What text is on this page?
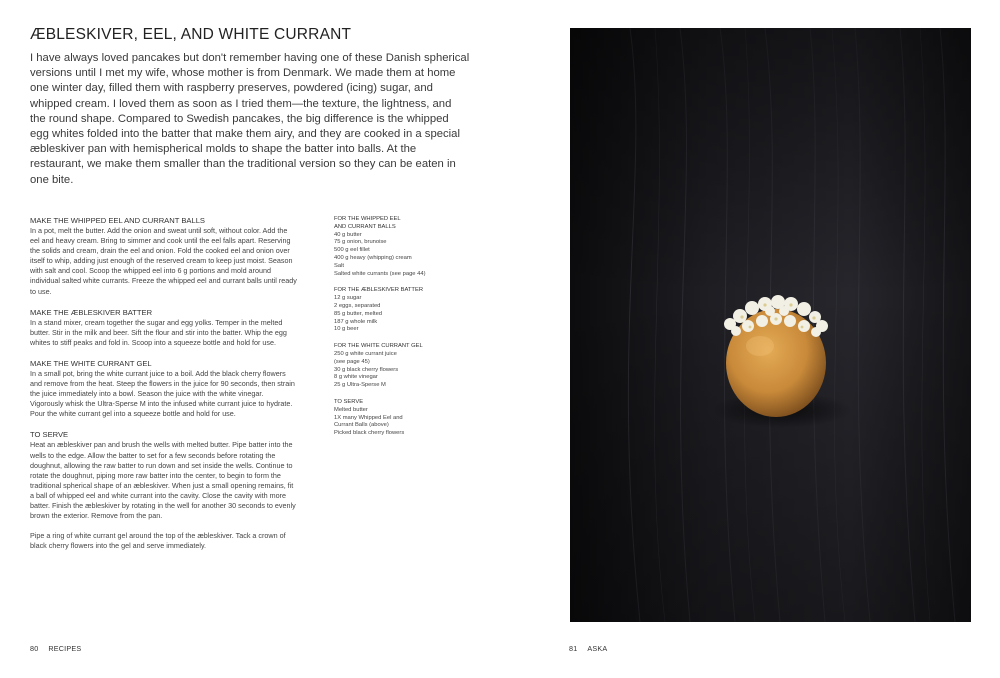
ÆBLESKIVER, EEL, AND WHITE CURRANT

I have always loved pancakes but don't remember having one of these Danish spherical versions until I met my wife, whose mother is from Denmark. We made them at home one winter day, filled them with raspberry preserves, powdered (icing) sugar, and whipped cream. I loved them as soon as I tried them—the texture, the lightness, and the round shape. Compared to Swedish pancakes, the big difference is the whipped egg whites folded into the batter that make them airy, and they are cooked in a special æbleskiver pan with hemispherical molds to shape the batter into balls. At the restaurant, we make them smaller than the traditional version so they can be eaten in one bite.

MAKE THE WHIPPED EEL AND CURRANT BALLS

In a pot, melt the butter. Add the onion and sweat until soft, without color. Add the eel and heavy cream. Bring to simmer and cook until the eel falls apart. Reserving the solids and cream, drain the eel and onion. Fold the cooked eel and onion over itself to whip, adding just enough of the reserved cream to keep just moist. Season with salt and cool. Scoop the whipped eel into 6 g portions and mold around individual salted white currants. Freeze the whipped eel and currant balls until ready to use.

MAKE THE ÆBLESKIVER BATTER

In a stand mixer, cream together the sugar and egg yolks. Temper in the melted butter. Stir in the milk and beer. Sift the flour and stir into the batter. Whip the egg whites to stiff peaks and fold in. Scoop into a squeeze bottle and hold for use.

MAKE THE WHITE CURRANT GEL

In a small pot, bring the white currant juice to a boil. Add the black cherry flowers and remove from the heat. Steep the flowers in the juice for 90 seconds, then strain the juice immediately into a bowl. Season the juice with the white vinegar. Vigorously whisk the Ultra-Sperse M into the infused white currant juice to hydrate. Pour the white currant gel into a squeeze bottle and hold for use.

TO SERVE

Heat an æbleskiver pan and brush the wells with melted butter. Pipe batter into the wells to the edge. Allow the batter to set for a few seconds before rotating the doughnut, allowing the raw batter to run down and set inside the wells. Continue to rotate the doughnut, piping more raw batter into the center, to begin to form the traditional spherical shape of an æbleskiver. When just a small opening remains, fit a ball of whipped eel and white currant into the cavity. Close the cavity with more batter. Finish the æbleskiver by rotating in the well for another 30 seconds to evenly brown the exterior. Remove from the pan.

Pipe a ring of white currant gel around the top of the æbleskiver. Tack a crown of black cherry flowers into the gel and serve immediately.

FOR THE WHIPPED EEL
AND CURRANT BALLS
40 g butter
75 g onion, brunoise
500 g eel fillet
400 g heavy (whipping) cream
Salt
Salted white currants (see page 44)
FOR THE ÆBLESKIVER BATTER
12 g sugar
2 eggs, separated
85 g butter, melted
187 g whole milk
10 g beer
FOR THE WHITE CURRANT GEL
250 g white currant juice
(see page 45)
30 g black cherry flowers
8 g white vinegar
25 g Ultra-Sperse M
TO SERVE
Melted butter
1X many Whipped Eel and
Currant Balls (above)
Picked black cherry flowers
80 RECIPES	81 ASKA
